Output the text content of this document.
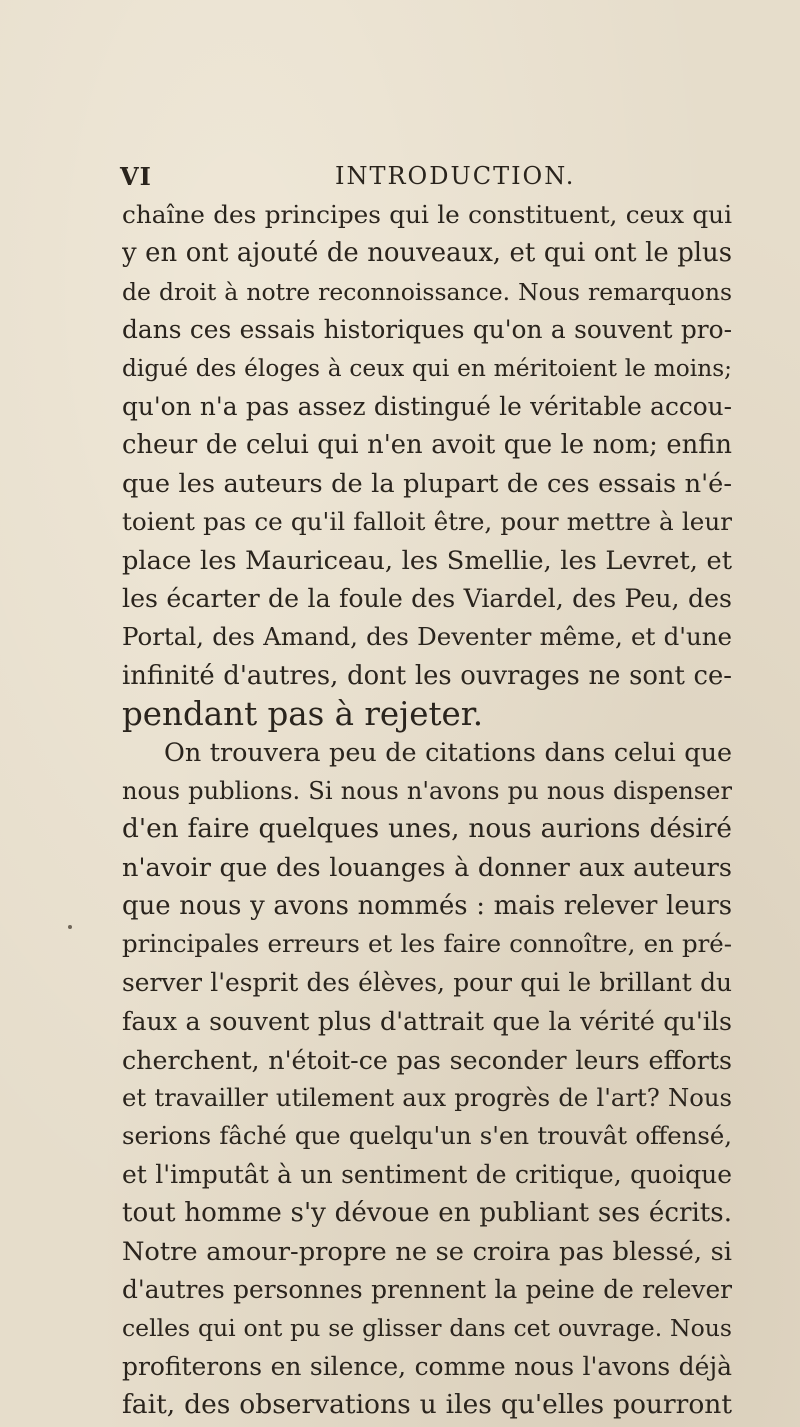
VI	INTRODUCTION.
chaîne des principes qui le constituent, ceux qui
y en ont ajouté de nouveaux, et qui ont le plus
de droit à notre reconnoissance. Nous remarquons
dans ces essais historiques qu'on a souvent pro-
digué des éloges à ceux qui en méritoient le moins;
qu'on n'a pas assez distingué le véritable accou-
cheur de celui qui n'en avoit que le nom; enfin
que les auteurs de la plupart de ces essais n'é-
toient pas ce qu'il falloit être, pour mettre à leur
place les Mauriceau, les Smellie, les Levret, et
les écarter de la foule des Viardel, des Peu, des
Portal, des Amand, des Deventer même, et d'une
infinité d'autres, dont les ouvrages ne sont ce-
pendant pas à rejeter.
On trouvera peu de citations dans celui que
nous publions. Si nous n'avons pu nous dispenser
d'en faire quelques unes, nous aurions désiré
n'avoir que des louanges à donner aux auteurs
que nous y avons nommés : mais relever leurs
principales erreurs et les faire connoître, en pré-
server l'esprit des élèves, pour qui le brillant du
faux a souvent plus d'attrait que la vérité qu'ils
cherchent, n'étoit-ce pas seconder leurs efforts
et travailler utilement aux progrès de l'art? Nous
serions fâché que quelqu'un s'en trouvât offensé,
et l'imputât à un sentiment de critique, quoique
tout homme s'y dévoue en publiant ses écrits.
Notre amour-propre ne se croira pas blessé, si
d'autres personnes prennent la peine de relever
celles qui ont pu se glisser dans cet ouvrage. Nous
profiterons en silence, comme nous l'avons déjà
fait, des observations u iles qu'elles pourront
